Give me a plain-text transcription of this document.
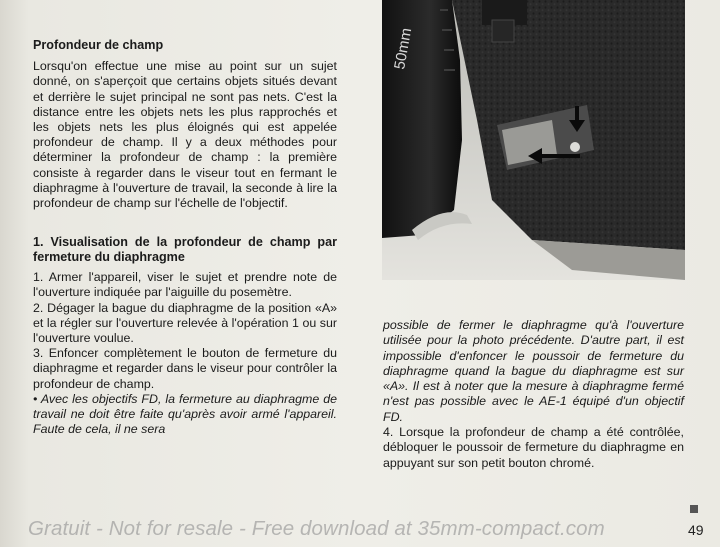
Profondeur de champ

Lorsqu'on effectue une mise au point sur un sujet donné, on s'aperçoit que certains objets situés devant et derrière le sujet principal ne sont pas nets. C'est la distance entre les objets nets les plus rapprochés et les objets nets les plus éloignés qui est appelée profondeur de champ. Il y a deux méthodes pour déterminer la profondeur de champ : la première consiste à regarder dans le viseur tout en fermant le diaphragme à l'ouverture de travail, la seconde à lire la profondeur de champ sur l'échelle de l'objectif.

1. Visualisation de la profondeur de champ par fermeture du diaphragme

1. Armer l'appareil, viser le sujet et prendre note de l'ouverture indiquée par l'aiguille du posemètre.

2. Dégager la bague du diaphragme de la position «A» et la régler sur l'ouverture relevée à l'opération 1 ou sur l'ouverture voulue.

3. Enfoncer complètement le bouton de fermeture du diaphragme et regarder dans le viseur pour contrôler la profondeur de champ.

• Avec les objectifs FD, la fermeture au diaphragme de travail ne doit être faite qu'après avoir armé l'appareil. Faute de cela, il ne sera

50mm

possible de fermer le diaphragme qu'à l'ouverture utilisée pour la photo précédente. D'autre part, il est impossible d'enfoncer le poussoir de fermeture du diaphragme quand la bague du diaphragme est sur «A». Il est à noter que la mesure à diaphragme fermé n'est pas possible avec le AE-1 équipé d'un objectif FD.

4. Lorsque la profondeur de champ a été contrôlée, débloquer le poussoir de fermeture du diaphragme en appuyant sur son petit bouton chromé.

Gratuit - Not for resale - Free download at 35mm-compact.com	49
